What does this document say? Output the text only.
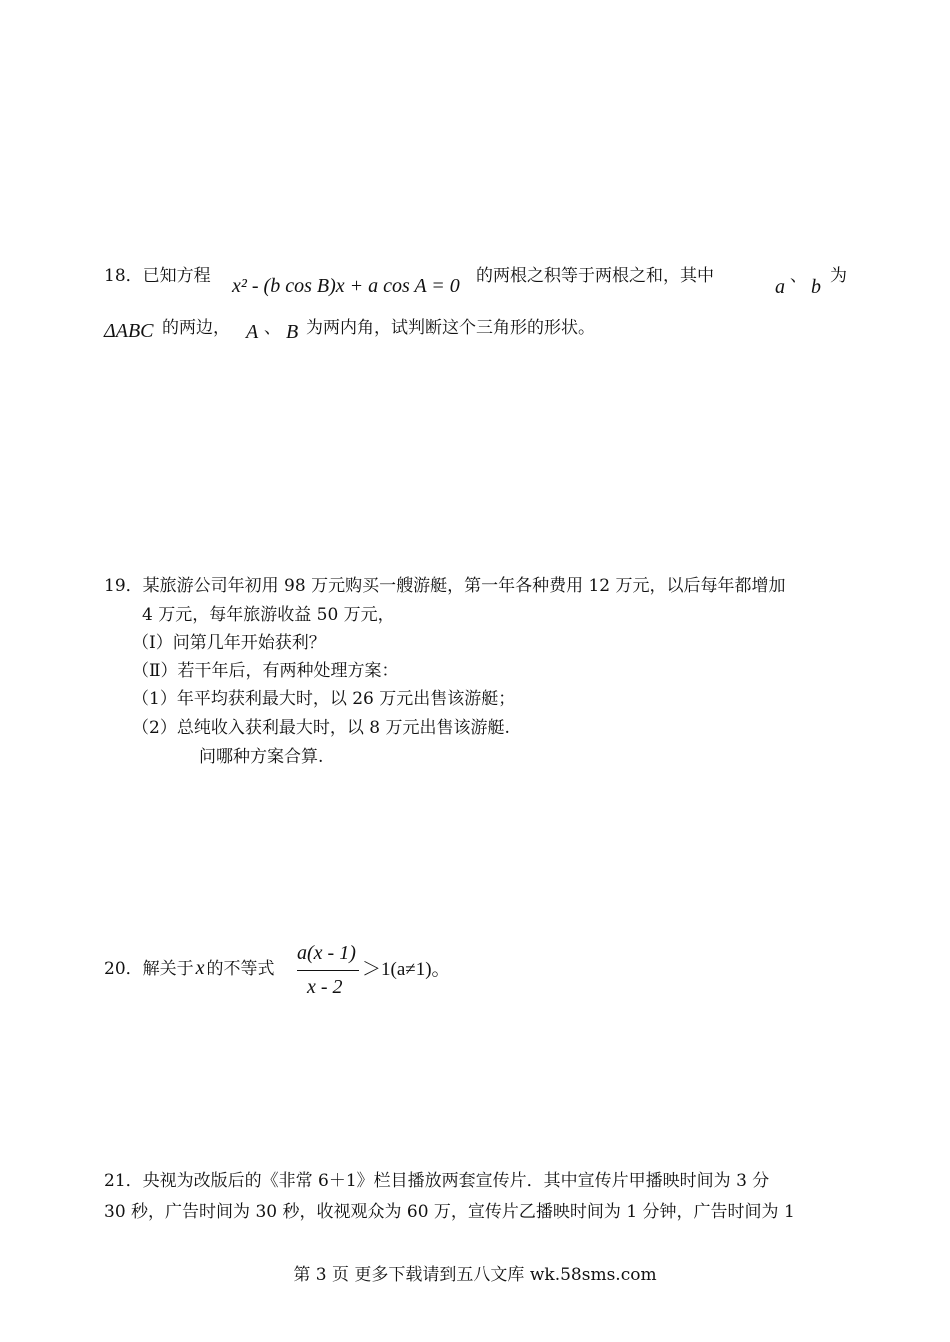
18．已知方程 x² - (b cos B)x + a cos A = 0 的两根之积等于两根之和，其中	a 、 b 为
ΔABC 的两边， A 、 B 为两内角，试判断这个三角形的形状。
19．某旅游公司年初用 98 万元购买一艘游艇，第一年各种费用 12 万元，以后每年都增加
4 万元，每年旅游收益 50 万元，
（Ⅰ）问第几年开始获利？
（Ⅱ）若干年后，有两种处理方案：
（1）年平均获利最大时，以 26 万元出售该游艇；
（2）总纯收入获利最大时，以 8 万元出售该游艇.
问哪种方案合算.
20．解关于 x 的不等式
a(x - 1)
x - 2
＞1(a≠1)。
21．央视为改版后的《非常 6＋1》栏目播放两套宣传片．其中宣传片甲播映时间为 3 分
30 秒，广告时间为 30 秒，收视观众为 60 万，宣传片乙播映时间为 1 分钟，广告时间为 1
第 3 页 更多下载请到五八文库 wk.58sms.com
